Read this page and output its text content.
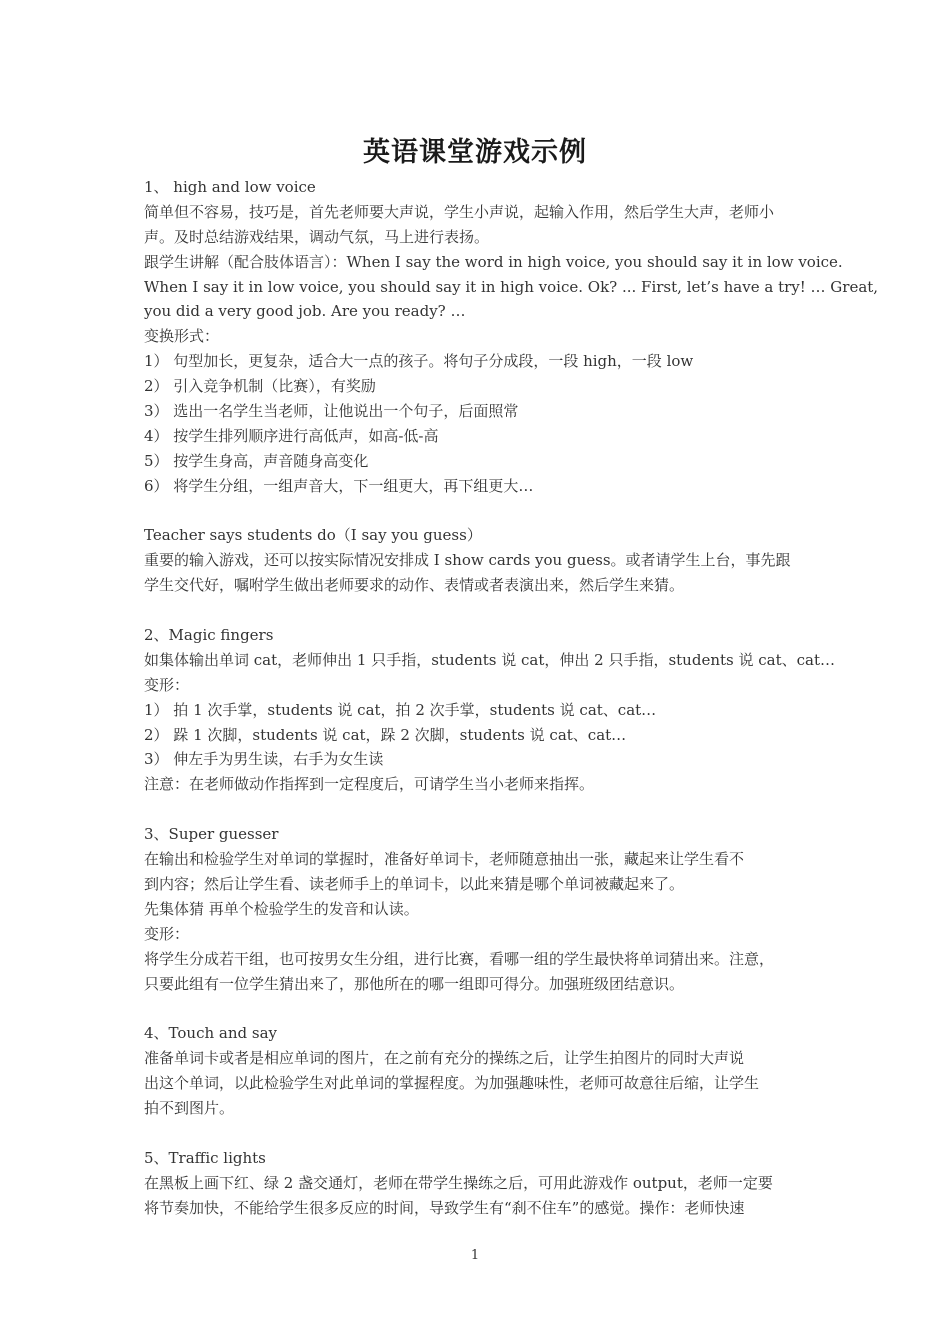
英语课堂游戏示例
1、 high and low voice
简单但不容易，技巧是，首先老师要大声说，学生小声说，起输入作用，然后学生大声，老师小
声。及时总结游戏结果，调动气氛，马上进行表扬。
跟学生讲解（配合肢体语言）：When I say the word in high voice, you should say it in low voice.
When I say it in low voice, you should say it in high voice. Ok? ... First, let’s have a try! … Great,
you did a very good job. Are you ready? …
变换形式：
1） 句型加长，更复杂，适合大一点的孩子。将句子分成段，一段 high，一段 low
2） 引入竞争机制（比赛），有奖励
3） 选出一名学生当老师，让他说出一个句子，后面照常
4） 按学生排列顺序进行高低声，如高-低-高
5） 按学生身高，声音随身高变化
6） 将学生分组，一组声音大，下一组更大，再下组更大…
Teacher says students do（I say you guess）
重要的输入游戏，还可以按实际情况安排成 I show cards you guess。或者请学生上台，事先跟
学生交代好，嘱咐学生做出老师要求的动作、表情或者表演出来，然后学生来猜。
2、Magic fingers
如集体输出单词 cat，老师伸出 1 只手指，students 说 cat，伸出 2 只手指，students 说 cat、cat…
变形：
1） 拍 1 次手掌，students 说 cat，拍 2 次手掌，students 说 cat、cat…
2） 跺 1 次脚，students 说 cat，跺 2 次脚，students 说 cat、cat…
3） 伸左手为男生读，右手为女生读
注意：在老师做动作指挥到一定程度后，可请学生当小老师来指挥。
3、Super guesser
在输出和检验学生对单词的掌握时，准备好单词卡，老师随意抽出一张，藏起来让学生看不
到内容；然后让学生看、读老师手上的单词卡，以此来猜是哪个单词被藏起来了。
先集体猜 再单个检验学生的发音和认读。
变形：
将学生分成若干组，也可按男女生分组，进行比赛，看哪一组的学生最快将单词猜出来。注意，
只要此组有一位学生猜出来了，那他所在的哪一组即可得分。加强班级团结意识。
4、Touch and say
准备单词卡或者是相应单词的图片，在之前有充分的操练之后，让学生拍图片的同时大声说
出这个单词，以此检验学生对此单词的掌握程度。为加强趣味性，老师可故意往后缩，让学生
拍不到图片。
5、Traffic lights
在黑板上画下红、绿 2 盏交通灯，老师在带学生操练之后，可用此游戏作 output，老师一定要
将节奏加快，不能给学生很多反应的时间，导致学生有“刹不住车”的感觉。操作：老师快速
1
